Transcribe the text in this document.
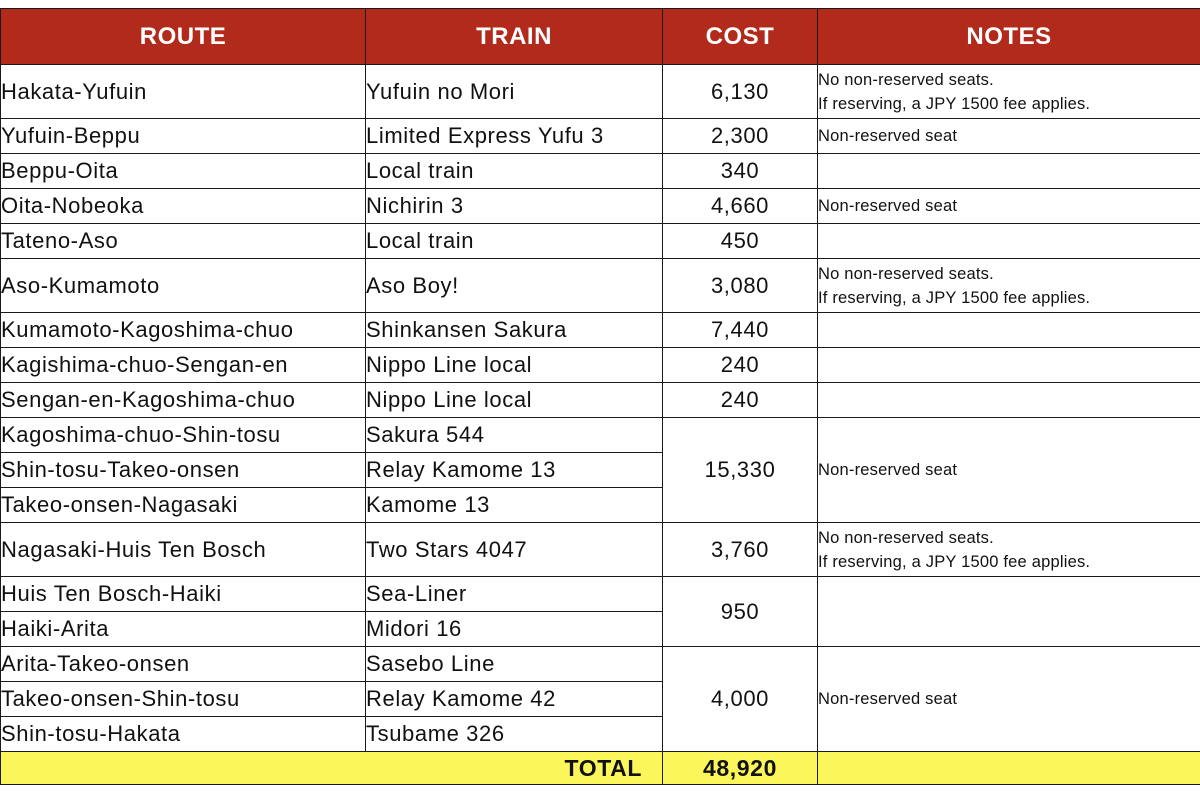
ROUTE	TRAIN	COST	NOTES
Hakata-Yufuin	Yufuin no Mori	6,130	No non-reserved seats.
If reserving, a JPY 1500 fee applies.

Yufuin-Beppu	Limited Express Yufu 3	2,300	Non-reserved seat

Beppu-Oita	Local train	340	
Oita-Nobeoka	Nichirin 3	4,660	Non-reserved seat

Tateno-Aso	Local train	450	
Aso-Kumamoto	Aso Boy!	3,080	No non-reserved seats.
If reserving, a JPY 1500 fee applies.

Kumamoto-Kagoshima-chuo	Shinkansen Sakura	7,440	
Kagishima-chuo-Sengan-en	Nippo Line local	240	
Sengan-en-Kagoshima-chuo	Nippo Line local	240	
Kagoshima-chuo-Shin-tosu	Sakura 544	15,330	Non-reserved seat

Shin-tosu-Takeo-onsen	Relay Kamome 13		
Takeo-onsen-Nagasaki	Kamome 13		
Nagasaki-Huis Ten Bosch	Two Stars 4047	3,760	No non-reserved seats.
If reserving, a JPY 1500 fee applies.

Huis Ten Bosch-Haiki	Sea-Liner	950	
Haiki-Arita	Midori 16		
Arita-Takeo-onsen	Sasebo Line	4,000	Non-reserved seat

Takeo-onsen-Shin-tosu	Relay Kamome 42		
Shin-tosu-Hakata	Tsubame 326		
TOTAL		48,920	
